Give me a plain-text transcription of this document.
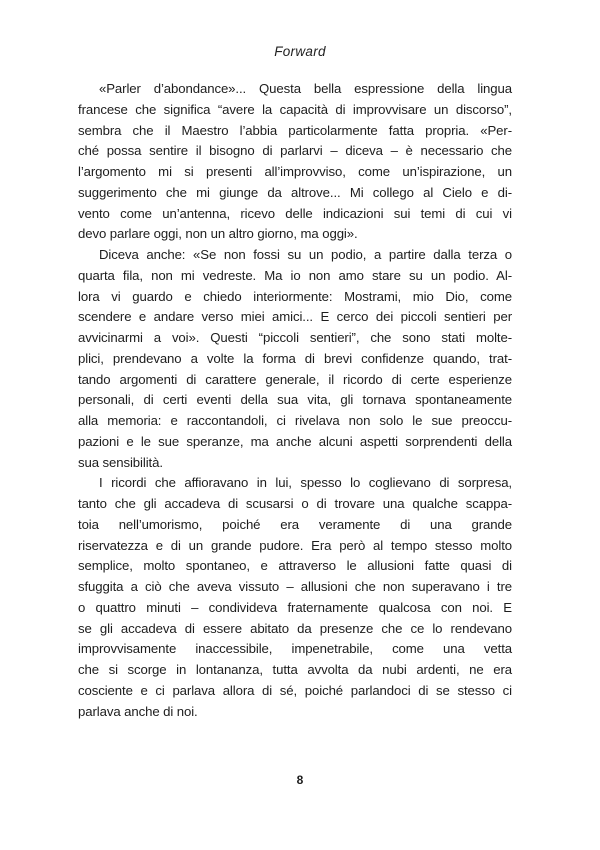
Forward
«Parler d’abondance»... Questa bella espressione della lingua
francese che significa “avere la capacità di improvvisare un discorso”,
sembra che il Maestro l’abbia particolarmente fatta propria. «Per-
ché possa sentire il bisogno di parlarvi – diceva – è necessario che
l’argomento mi si presenti all’improvviso, come un’ispirazione, un
suggerimento che mi giunge da altrove... Mi collego al Cielo e di-
vento come un’antenna, ricevo delle indicazioni sui temi di cui vi
devo parlare oggi, non un altro giorno, ma oggi».
Diceva anche: «Se non fossi su un podio, a partire dalla terza o
quarta fila, non mi vedreste. Ma io non amo stare su un podio. Al-
lora vi guardo e chiedo interiormente: Mostrami, mio Dio, come
scendere e andare verso miei amici... E cerco dei piccoli sentieri per
avvicinarmi a voi». Questi “piccoli sentieri”, che sono stati molte-
plici, prendevano a volte la forma di brevi confidenze quando, trat-
tando argomenti di carattere generale, il ricordo di certe esperienze
personali, di certi eventi della sua vita, gli tornava spontaneamente
alla memoria: e raccontandoli, ci rivelava non solo le sue preoccu-
pazioni e le sue speranze, ma anche alcuni aspetti sorprendenti della
sua sensibilità.
I ricordi che affioravano in lui, spesso lo coglievano di sorpresa,
tanto che gli accadeva di scusarsi o di trovare una qualche scappa-
toia nell’umorismo, poiché era veramente di una grande
riservatezza e di un grande pudore. Era però al tempo stesso molto
semplice, molto spontaneo, e attraverso le allusioni fatte quasi di
sfuggita a ciò che aveva vissuto – allusioni che non superavano i tre
o quattro minuti – condivideva fraternamente qualcosa con noi. E
se gli accadeva di essere abitato da presenze che ce lo rendevano
improvvisamente inaccessibile, impenetrabile, come una vetta
che si scorge in lontananza, tutta avvolta da nubi ardenti, ne era
cosciente e ci parlava allora di sé, poiché parlandoci di se stesso ci
parlava anche di noi.
8
